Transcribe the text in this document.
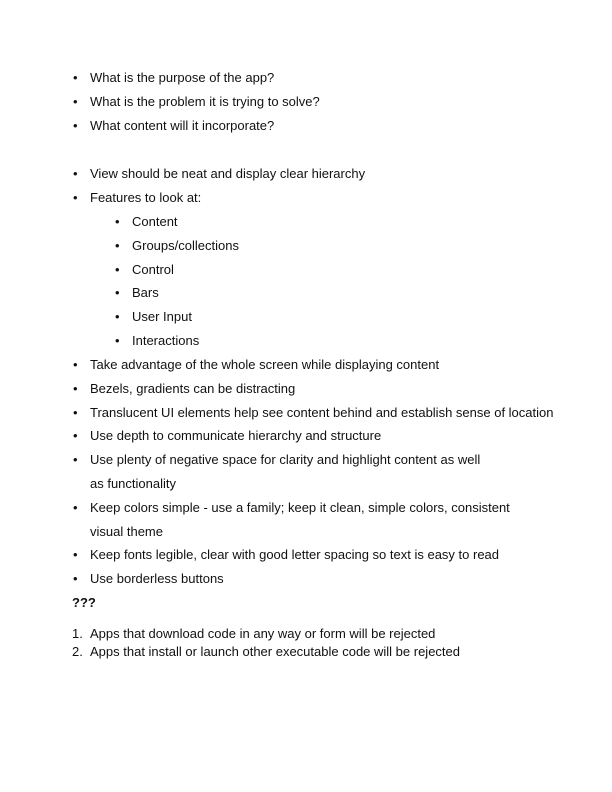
• What is the purpose of the app?
• What is the problem it is trying to solve?
• What content will it incorporate?
• View should be neat and display clear hierarchy
• Features to look at:
• Content
• Groups/collections
• Control
• Bars
• User Input
• Interactions
• Take advantage of the whole screen while displaying content
• Bezels, gradients can be distracting
• Translucent UI elements help see content behind and establish sense of location
• Use depth to communicate hierarchy and structure
• Use plenty of negative space for clarity and highlight content as well as functionality
• Keep colors simple - use a family; keep it clean, simple colors, consistent visual theme
• Keep fonts legible, clear with good letter spacing so text is easy to read
• Use borderless buttons
???
1. Apps that download code in any way or form will be rejected
2. Apps that install or launch other executable code will be rejected
